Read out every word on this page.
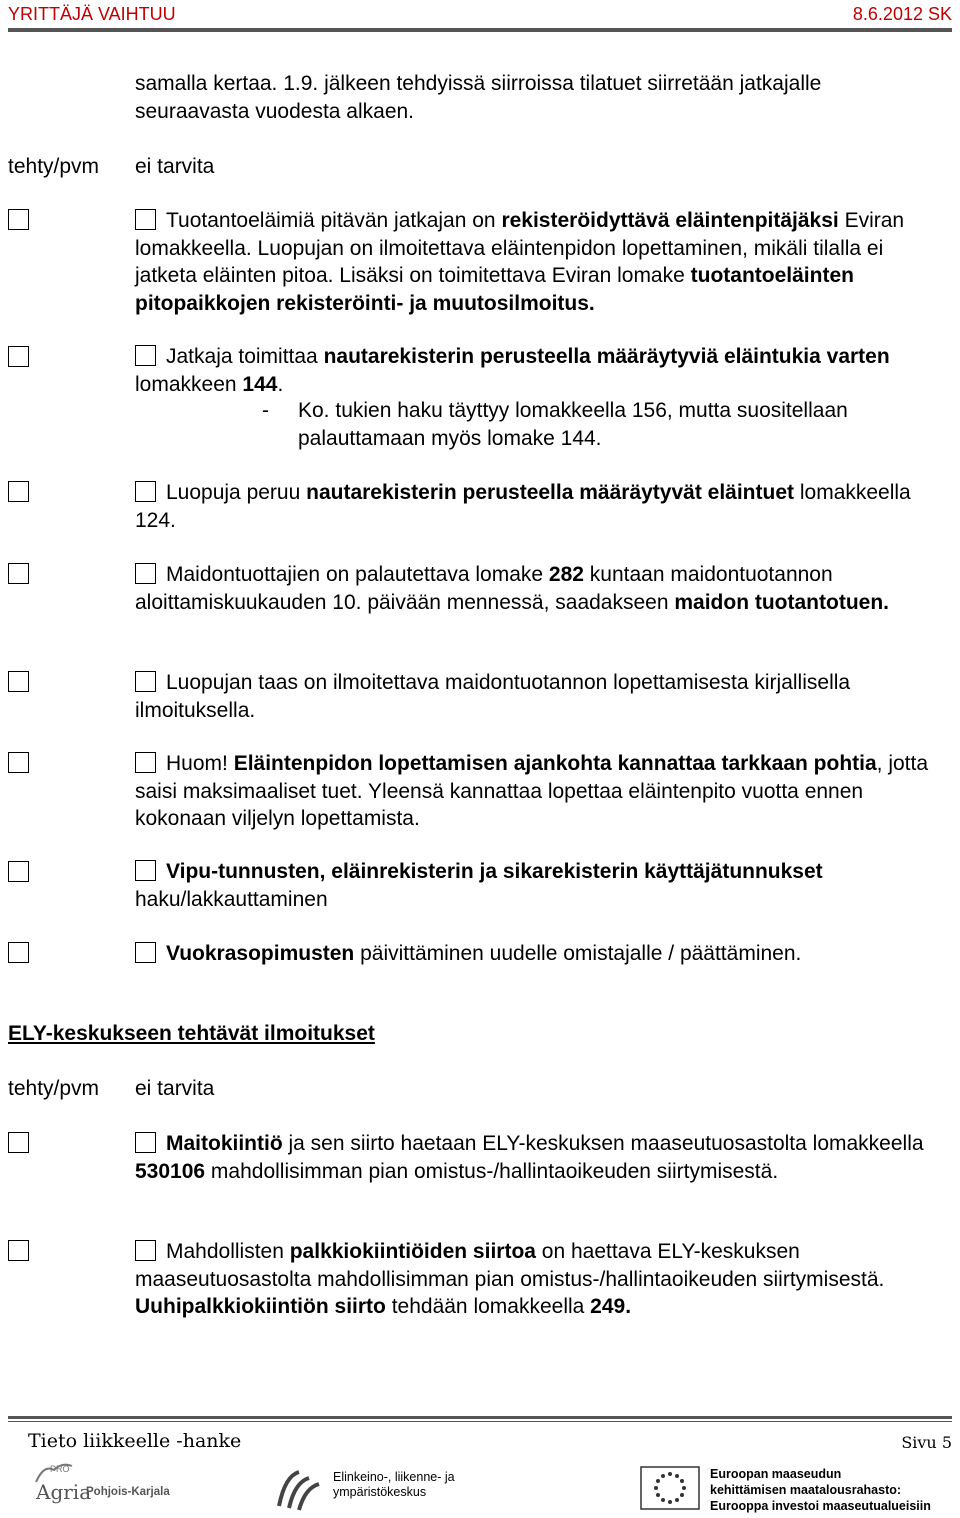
YRITTÄJÄ VAIHTUU	8.6.2012 SK
samalla kertaa. 1.9. jälkeen tehdyissä siirroissa tilatuet siirretään jatkajalle seuraavasta vuodesta alkaen.
tehty/pvm ei tarvita
Tuotantoeläimiä pitävän jatkajan on rekisteröidyttävä eläintenpitäjäksi Eviran lomakkeella. Luopujan on ilmoitettava eläintenpidon lopettaminen, mikäli tilalla ei jatketa eläinten pitoa. Lisäksi on toimitettava Eviran lomake tuotantoeläinten pitopaikkojen rekisteröinti- ja muutosilmoitus.
Jatkaja toimittaa nautarekisterin perusteella määräytyviä eläintukia varten lomakkeen 144.
- Ko. tukien haku täyttyy lomakkeella 156, mutta suositellaan palauttamaan myös lomake 144.
Luopuja peruu nautarekisterin perusteella määräytyvät eläintuet lomakkeella 124.
Maidontuottajien on palautettava lomake 282 kuntaan maidontuotannon aloittamiskuukauden 10. päivään mennessä, saadakseen maidon tuotantotuen.
Luopujan taas on ilmoitettava maidontuotannon lopettamisesta kirjallisella ilmoituksella.
Huom! Eläintenpidon lopettamisen ajankohta kannattaa tarkkaan pohtia, jotta saisi maksimaaliset tuet. Yleensä kannattaa lopettaa eläintenpito vuotta ennen kokonaan viljelyn lopettamista.
Vipu-tunnusten, eläinrekisterin ja sikarekisterin käyttäjätunnukset haku/lakkauttaminen
Vuokrasopimusten päivittäminen uudelle omistajalle / päättäminen.
ELY-keskukseen tehtävät ilmoitukset
tehty/pvm ei tarvita
Maitokiintiö ja sen siirto haetaan ELY-keskuksen maaseutuosastolta lomakkeella 530106 mahdollisimman pian omistus-/hallintaoikeuden siirtymisestä.
Mahdollisten palkkiokiintiöiden siirtoa on haettava ELY-keskuksen maaseutuosastolta mahdollisimman pian omistus-/hallintaoikeuden siirtymisestä. Uuhipalkkiokiintiön siirto tehdään lomakkeella 249.
Tieto liikkeelle -hanke	Sivu 5
PRO
Agria
Pohjois-Karjala
Elinkeino-, liikenne- ja
ympäristökeskus
Euroopan maaseudun
kehittämisen maatalousrahasto:
Eurooppa investoi maaseutualueisiin
